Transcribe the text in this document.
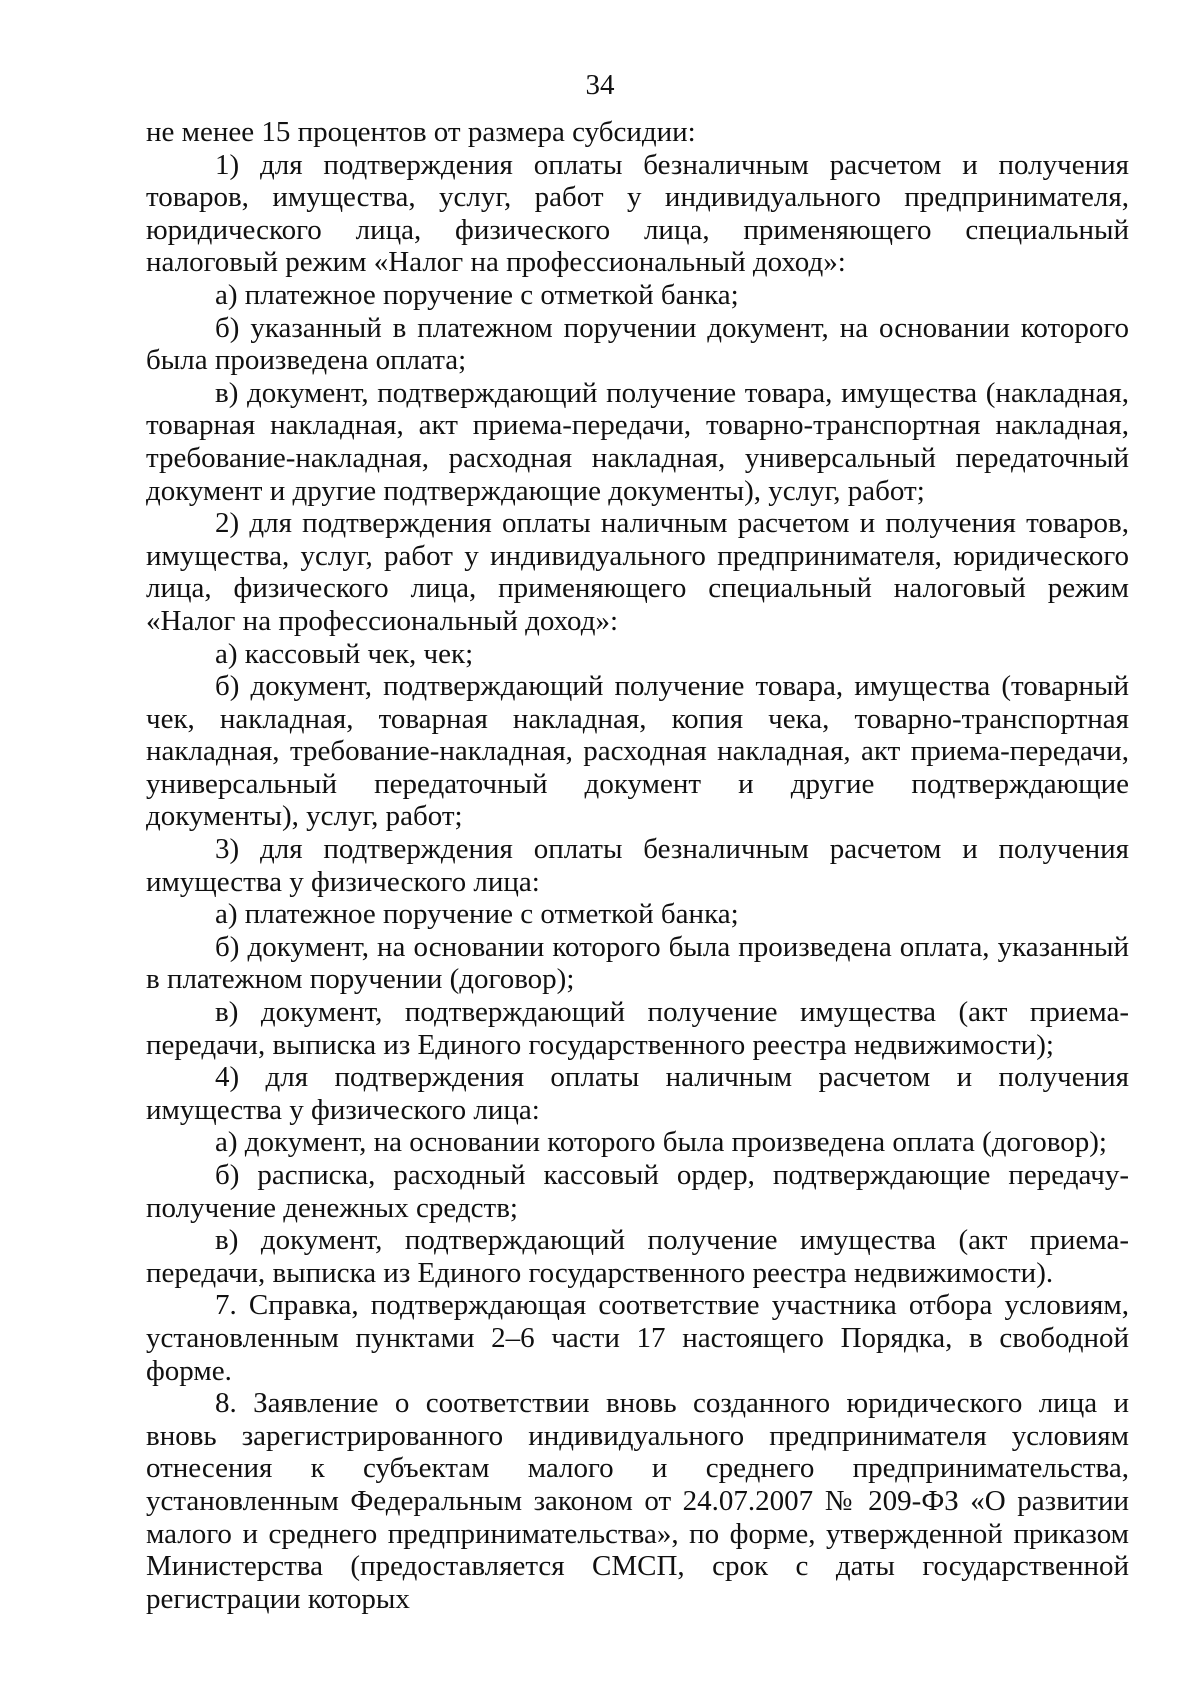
34

не менее 15 процентов от размера субсидии:

1) для подтверждения оплаты безналичным расчетом и получения товаров, имущества, услуг, работ у индивидуального предпринимателя, юридического лица, физического лица, применяющего специальный налоговый режим «Налог на профессиональный доход»:

а) платежное поручение с отметкой банка;

б) указанный в платежном поручении документ, на основании которого была произведена оплата;

в) документ, подтверждающий получение товара, имущества (накладная, товарная накладная, акт приема-передачи, товарно-транспортная накладная, требование-накладная, расходная накладная, универсальный передаточный документ и другие подтверждающие документы), услуг, работ;

2) для подтверждения оплаты наличным расчетом и получения товаров, имущества, услуг, работ у индивидуального предпринимателя, юридического лица, физического лица, применяющего специальный налоговый режим «Налог на профессиональный доход»:

а) кассовый чек, чек;

б) документ, подтверждающий получение товара, имущества (товарный чек, накладная, товарная накладная, копия чека, товарно-транспортная накладная, требование-накладная, расходная накладная, акт приема-передачи, универсальный передаточный документ и другие подтверждающие документы), услуг, работ;

3) для подтверждения оплаты безналичным расчетом и получения имущества у физического лица:

а) платежное поручение с отметкой банка;

б) документ, на основании которого была произведена оплата, указанный в платежном поручении (договор);

в) документ, подтверждающий получение имущества (акт приема-передачи, выписка из Единого государственного реестра недвижимости);

4) для подтверждения оплаты наличным расчетом и получения имущества у физического лица:

а) документ, на основании которого была произведена оплата (договор);

б) расписка, расходный кассовый ордер, подтверждающие передачу-получение денежных средств;

в) документ, подтверждающий получение имущества (акт приема-передачи, выписка из Единого государственного реестра недвижимости).

7. Справка, подтверждающая соответствие участника отбора условиям, установленным пунктами 2–6 части 17 настоящего Порядка, в свободной форме.

8. Заявление о соответствии вновь созданного юридического лица и вновь зарегистрированного индивидуального предпринимателя условиям отнесения к субъектам малого и среднего предпринимательства, установленным Федеральным законом от 24.07.2007 № 209-ФЗ «О развитии малого и среднего предпринимательства», по форме, утвержденной приказом Министерства (предоставляется СМСП, срок с даты государственной регистрации которых
